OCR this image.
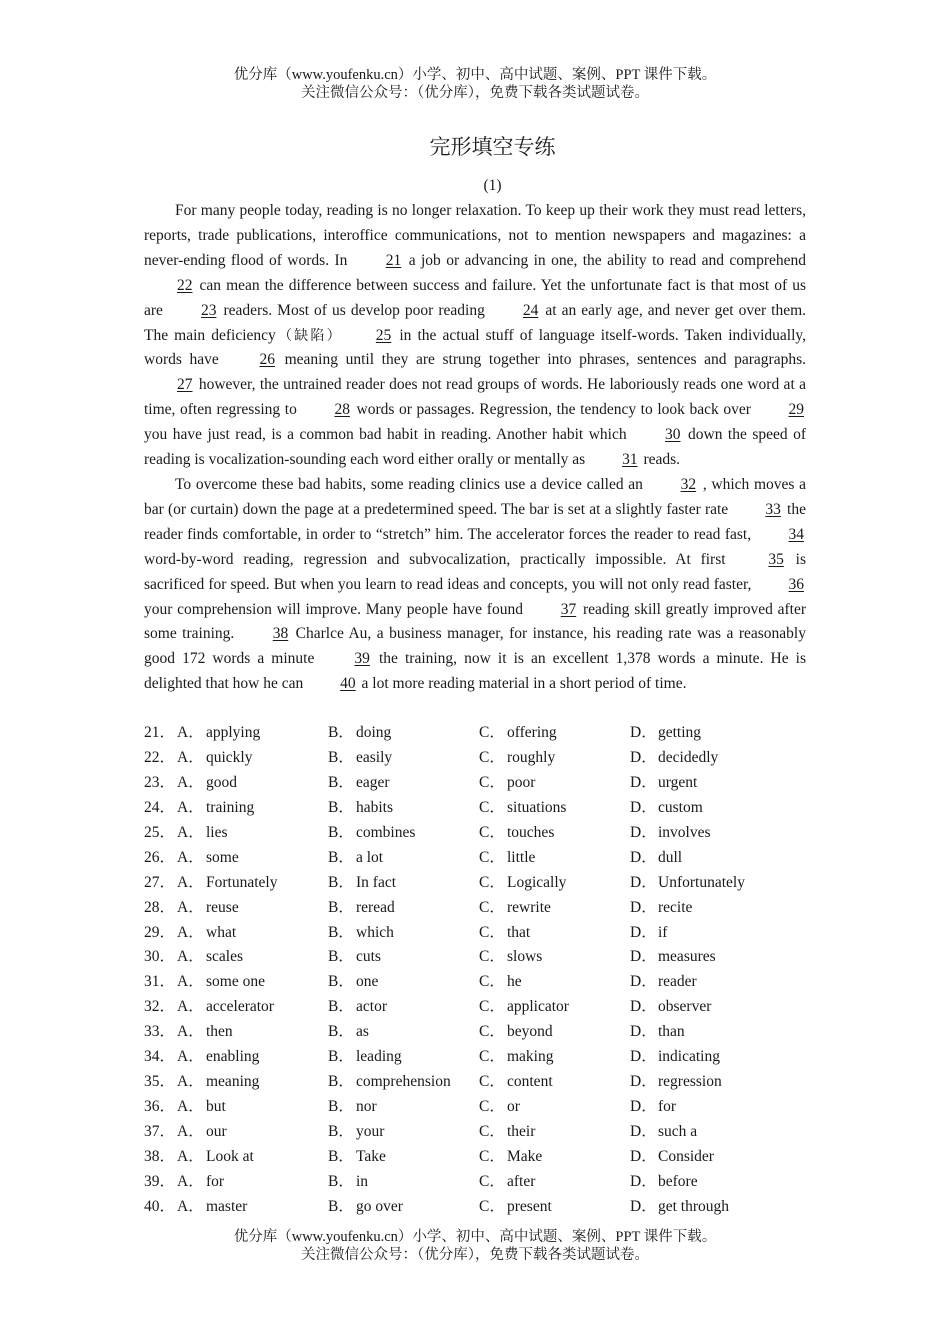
优分库（www.youfenku.cn）小学、初中、高中试题、案例、PPT 课件下载。
关注微信公众号：（优分库），免费下载各类试题试卷。
完形填空专练
(1)

For many people today, reading is no longer relaxation. To keep up their work they must read letters, reports, trade publications, interoffice communications, not to mention newspapers and magazines: a never-ending flood of words. In 21 a job or advancing in one, the ability to read and comprehend 22 can mean the difference between success and failure. Yet the unfortunate fact is that most of us are 23 readers. Most of us develop poor reading 24 at an early age, and never get over them. The main deficiency（缺陷） 25 in the actual stuff of language itself-words. Taken individually, words have 26 meaning until they are strung together into phrases, sentences and paragraphs. 27 however, the untrained reader does not read groups of words. He laboriously reads one word at a time, often regressing to 28 words or passages. Regression, the tendency to look back over 29 you have just read, is a common bad habit in reading. Another habit which 30 down the speed of reading is vocalization-sounding each word either orally or mentally as 31 reads.

To overcome these bad habits, some reading clinics use a device called an 32 , which moves a bar (or curtain) down the page at a predetermined speed. The bar is set at a slightly faster rate 33 the reader finds comfortable, in order to “stretch” him. The accelerator forces the reader to read fast, 34 word-by-word reading, regression and subvocalization, practically impossible. At first 35 is sacrificed for speed. But when you learn to read ideas and concepts, you will not only read faster, 36 your comprehension will improve. Many people have found 37 reading skill greatly improved after some training. 38 Charlce Au, a business manager, for instance, his reading rate was a reasonably good 172 words a minute 39 the training, now it is an excellent 1,378 words a minute. He is delighted that how he can 40 a lot more reading material in a short period of time.

21． A． applying	B． doing	C． offering	D． getting
22． A． quickly	B． easily	C． roughly	D． decidedly
23． A． good	B． eager	C． poor	D． urgent
24． A． training	B． habits	C． situations	D． custom
25． A． lies	B． combines	C． touches	D． involves
26． A． some	B． a lot	C． little	D． dull
27． A． Fortunately	B． In fact	C． Logically	D． Unfortunately
28． A． reuse	B． reread	C． rewrite	D． recite
29． A． what	B． which	C． that	D． if
30． A． scales	B． cuts	C． slows	D． measures
31． A． some one	B． one	C． he	D． reader
32． A． accelerator	B． actor	C． applicator	D． observer
33． A． then	B． as	C． beyond	D． than
34． A． enabling	B． leading	C． making	D． indicating
35． A． meaning	B． comprehension C． content	D． regression
36． A． but	B． nor	C． or	D． for
37． A． our	B． your	C． their	D． such a
38． A． Look at	B． Take	C． Make	D． Consider
39． A． for	B． in	C． after	D． before
40． A． master	B． go over	C． present	D． get through
优分库（www.youfenku.cn）小学、初中、高中试题、案例、PPT 课件下载。
关注微信公众号：（优分库），免费下载各类试题试卷。
